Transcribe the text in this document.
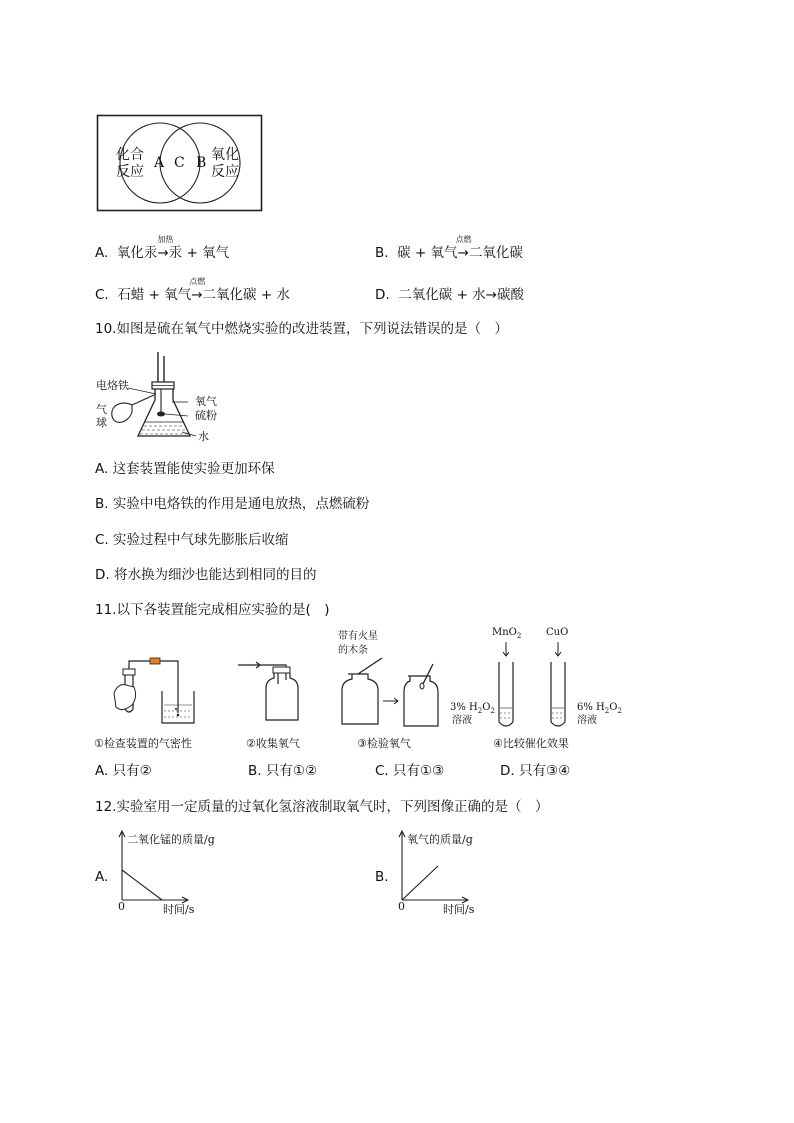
化合
反应
A C B 氧化
反应
A. 氧化汞
加热
→汞 + 氧气	B. 碳 + 氧气
点燃
→二氧化碳
C. 石蜡 + 氧气
点燃
→二氧化碳 + 水	D. 二氧化碳 + 水→碳酸
10.如图是硫在氧气中燃烧实验的改进装置，下列说法错误的是（　）
电烙铁
气
球
氧气
硫粉
水
A. 这套装置能使实验更加环保
B. 实验中电烙铁的作用是通电放热，点燃硫粉
C. 实验过程中气球先膨胀后收缩
D. 将水换为细沙也能达到相同的目的
11.以下各装置能完成相应实验的是(　)
MnO$_2$ CuO
带有火星
的木条
3% $H_2O_2$
溶液
6% $H_2O_2$
溶液
①检查装置的气密性	②收集氧气	③检验氧气	④比较催化效果
A. 只有②	B. 只有①②	C. 只有①③	D. 只有③④
12.实验室用一定质量的过氧化氢溶液制取氧气时，下列图像正确的是（　）
A.
二氧化锰的质量/g
0	时间/s
B.
氧气的质量/g
0	时间/s
